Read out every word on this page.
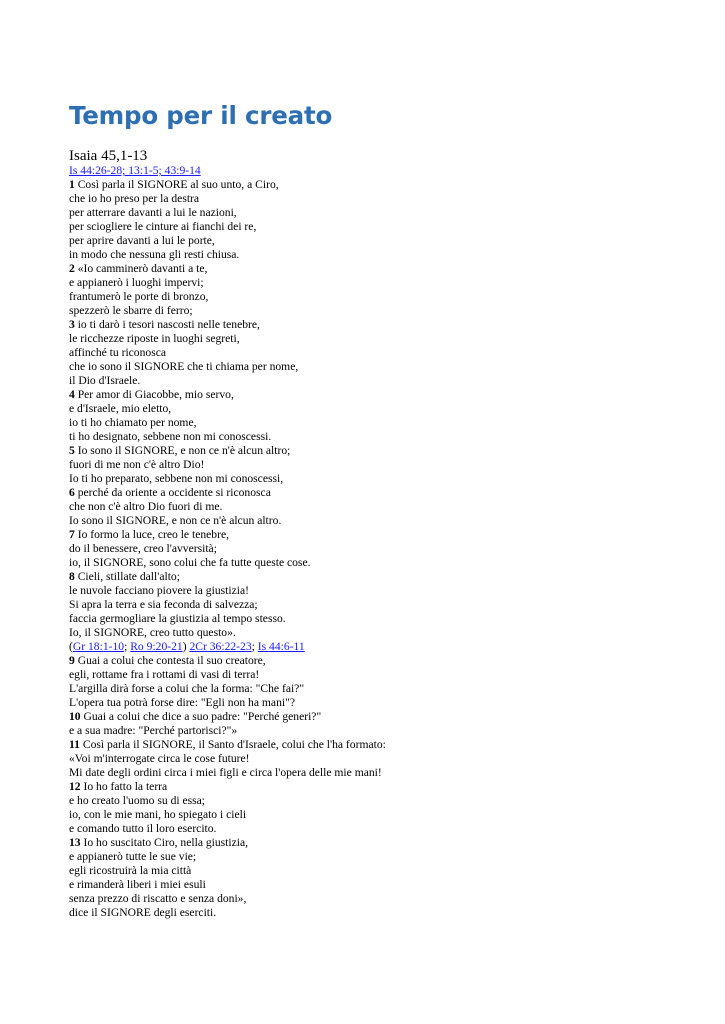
Tempo per il creato
Isaia 45,1-13
Is 44:26-28; 13:1-5; 43:9-14
1 Così parla il SIGNORE al suo unto, a Ciro,
che io ho preso per la destra
per atterrare davanti a lui le nazioni,
per sciogliere le cinture ai fianchi dei re,
per aprire davanti a lui le porte,
in modo che nessuna gli resti chiusa.
2 «Io camminerò davanti a te,
e appianerò i luoghi impervi;
frantumerò le porte di bronzo,
spezzerò le sbarre di ferro;
3 io ti darò i tesori nascosti nelle tenebre,
le ricchezze riposte in luoghi segreti,
affinché tu riconosca
che io sono il SIGNORE che ti chiama per nome,
il Dio d'Israele.
4 Per amor di Giacobbe, mio servo,
e d'Israele, mio eletto,
io ti ho chiamato per nome,
ti ho designato, sebbene non mi conoscessi.
5 Io sono il SIGNORE, e non ce n'è alcun altro;
fuori di me non c'è altro Dio!
Io ti ho preparato, sebbene non mi conoscessi,
6 perché da oriente a occidente si riconosca
che non c'è altro Dio fuori di me.
Io sono il SIGNORE, e non ce n'è alcun altro.
7 Io formo la luce, creo le tenebre,
do il benessere, creo l'avversità;
io, il SIGNORE, sono colui che fa tutte queste cose.
8 Cieli, stillate dall'alto;
le nuvole facciano piovere la giustizia!
Si apra la terra e sia feconda di salvezza;
faccia germogliare la giustizia al tempo stesso.
Io, il SIGNORE, creo tutto questo».
(Gr 18:1-10; Ro 9:20-21) 2Cr 36:22-23; Is 44:6-11
9 Guai a colui che contesta il suo creatore,
egli, rottame fra i rottami di vasi di terra!
L'argilla dirà forse a colui che la forma: "Che fai?"
L'opera tua potrà forse dire: "Egli non ha mani"?
10 Guai a colui che dice a suo padre: "Perché generi?"
e a sua madre: "Perché partorisci?"»
11 Così parla il SIGNORE, il Santo d'Israele, colui che l'ha formato:
«Voi m'interrogate circa le cose future!
Mi date degli ordini circa i miei figli e circa l'opera delle mie mani!
12 Io ho fatto la terra
e ho creato l'uomo su di essa;
io, con le mie mani, ho spiegato i cieli
e comando tutto il loro esercito.
13 Io ho suscitato Ciro, nella giustizia,
e appianerò tutte le sue vie;
egli ricostruirà la mia città
e rimanderà liberi i miei esuli
senza prezzo di riscatto e senza doni»,
dice il SIGNORE degli eserciti.
